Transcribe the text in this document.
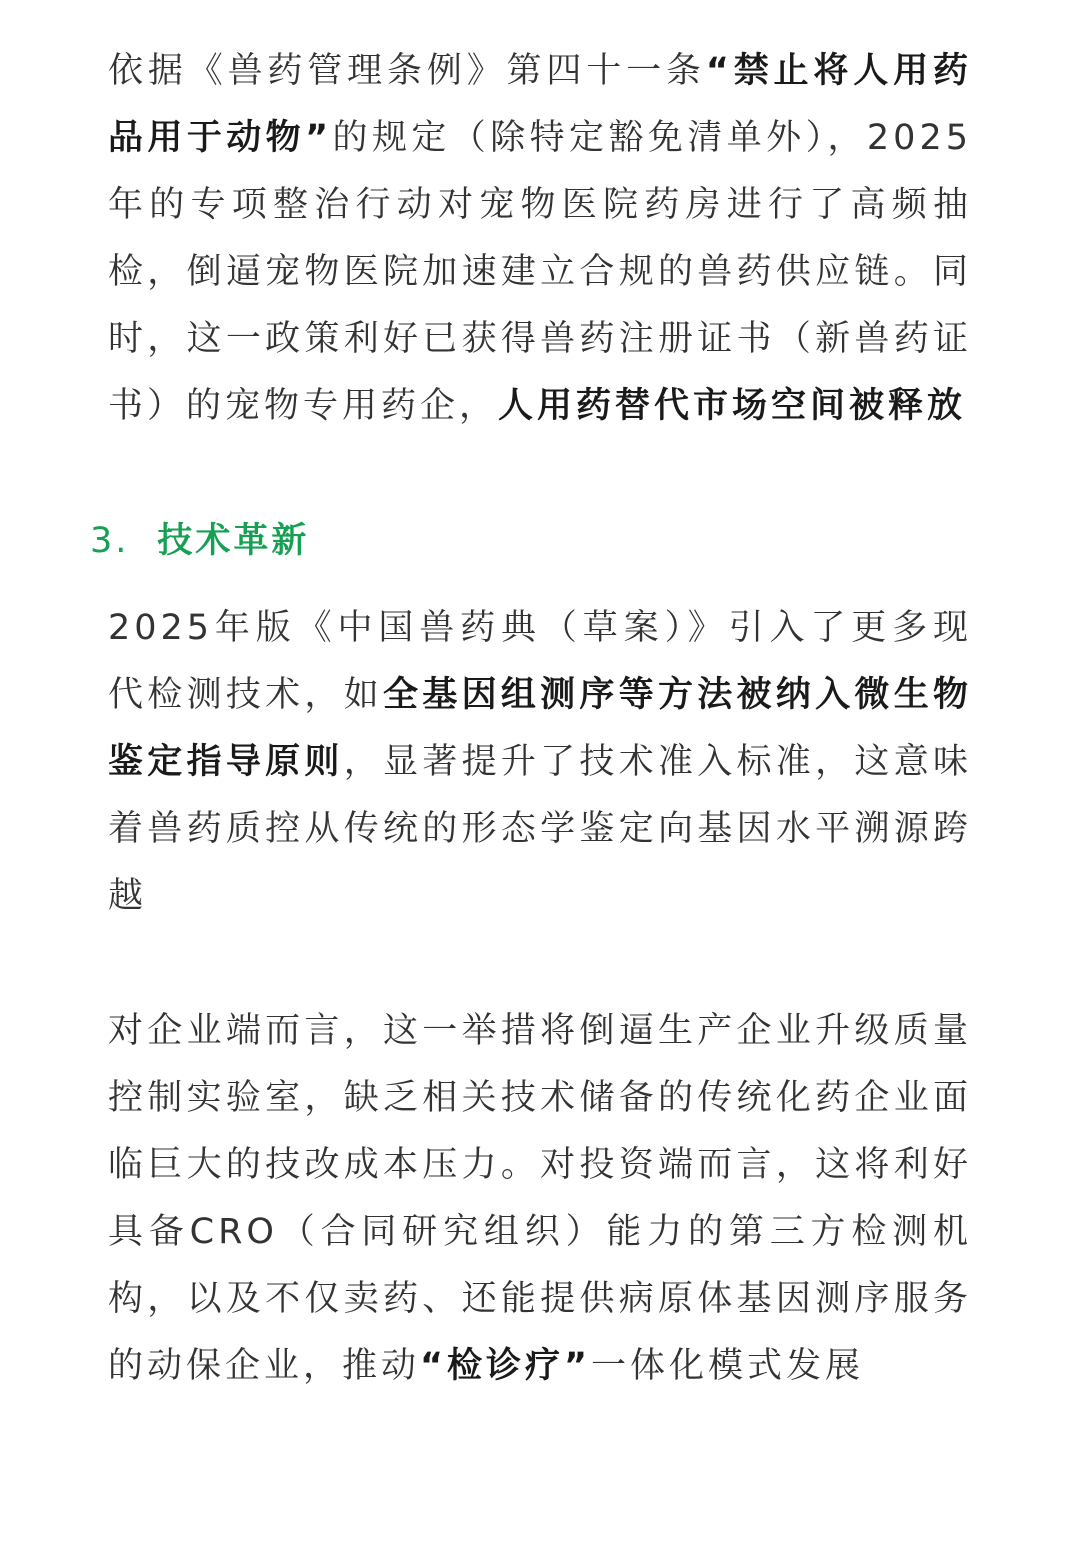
依据《兽药管理条例》第四十一条“禁止将人用药品用于动物”的规定（除特定豁免清单外），2025年的专项整治行动对宠物医院药房进行了高频抽检，倒逼宠物医院加速建立合规的兽药供应链。同时，这一政策利好已获得兽药注册证书（新兽药证书）的宠物专用药企，人用药替代市场空间被释放

3. 技术革新

2025年版《中国兽药典（草案）》引入了更多现代检测技术，如全基因组测序等方法被纳入微生物鉴定指导原则，显著提升了技术准入标准，这意味着兽药质控从传统的形态学鉴定向基因水平溯源跨越

对企业端而言，这一举措将倒逼生产企业升级质量控制实验室，缺乏相关技术储备的传统化药企业面临巨大的技改成本压力。对投资端而言，这将利好具备CRO（合同研究组织）能力的第三方检测机构，以及不仅卖药、还能提供病原体基因测序服务的动保企业，推动“检诊疗”一体化模式发展
